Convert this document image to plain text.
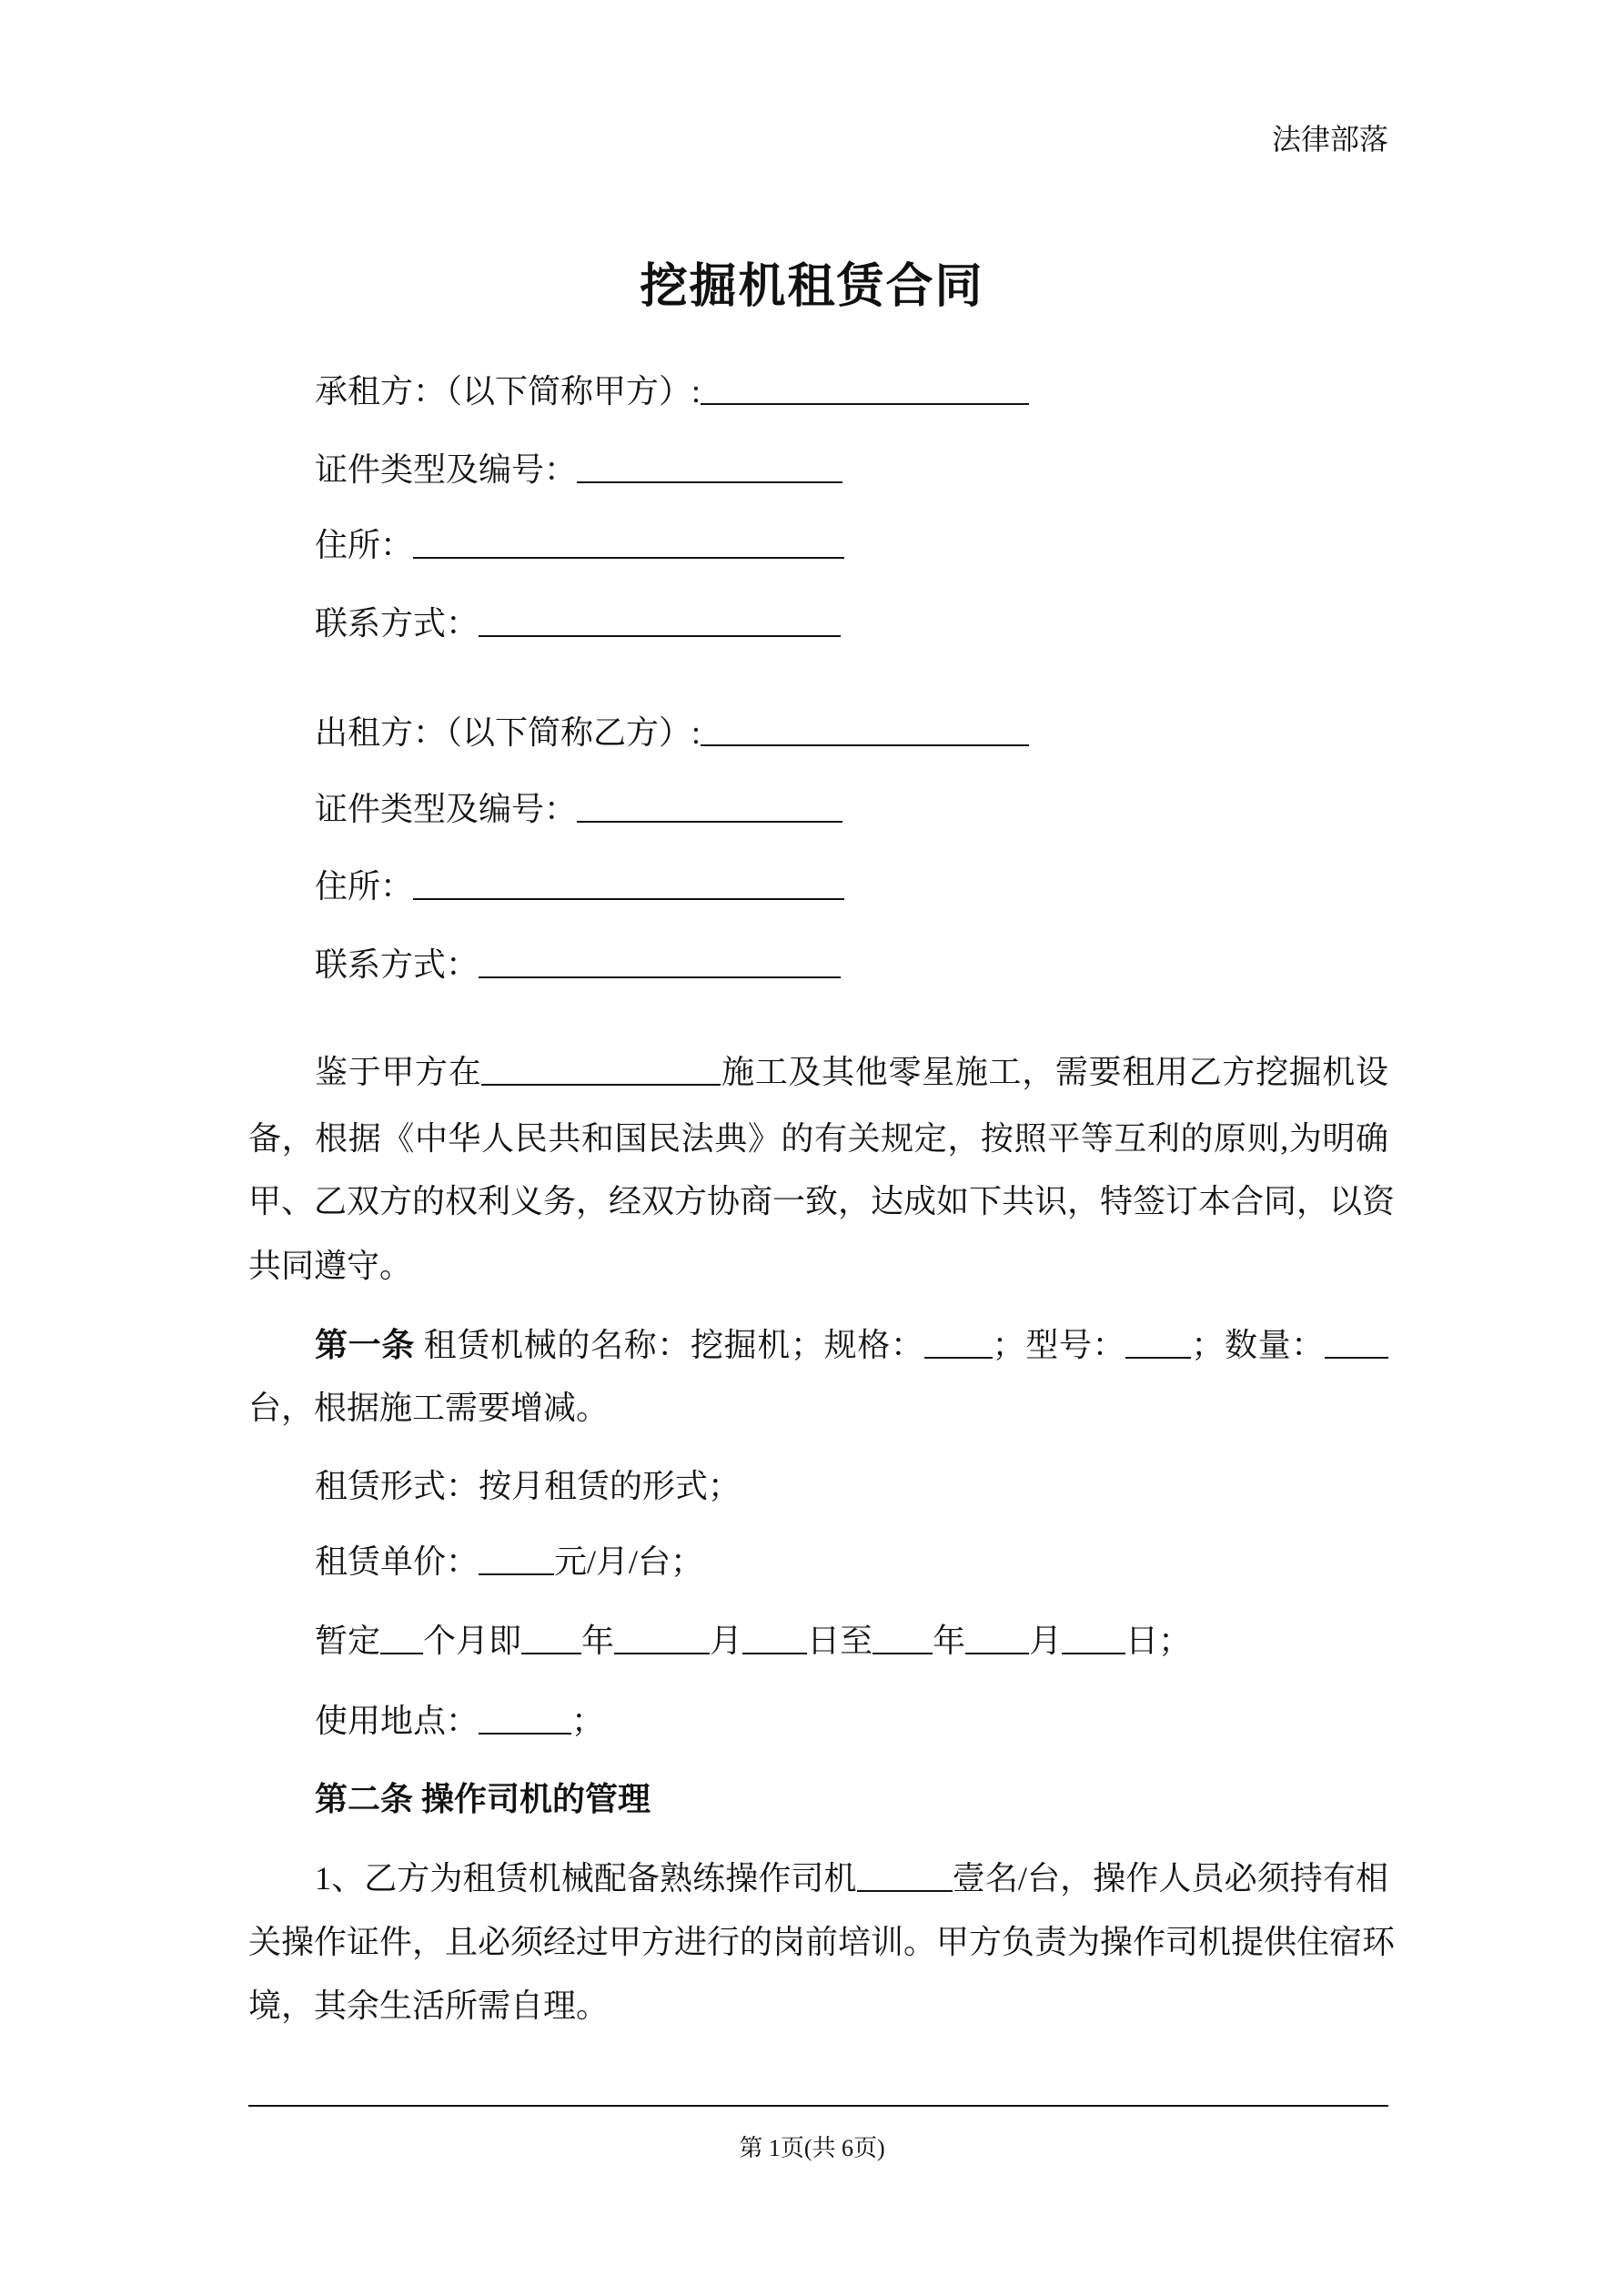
法律部落
挖掘机租赁合同
承租方：（以下简称甲方）:
证件类型及编号：
住所：
联系方式：
出租方：（以下简称乙方）:
证件类型及编号：
住所：
联系方式：
鉴于甲方在	施工及其他零星施工，需要租用乙方挖掘机设
备，根据《中华人民共和国民法典》的有关规定，按照平等互利的原则,为明确
甲、乙双方的权利义务，经双方协商一致，达成如下共识，特签订本合同，以资
共同遵守。
第一条 租赁机械的名称：挖掘机；规格： ；型号： ；数量：
台，根据施工需要增减。
租赁形式：按月租赁的形式；
租赁单价： 元/月/台；
暂定 个月即 年	月 日至 年 月 日；
使用地点：	；
第二条 操作司机的管理
1、乙方为租赁机械配备熟练操作司机	壹名/台，操作人员必须持有相
关操作证件，且必须经过甲方进行的岗前培训。甲方负责为操作司机提供住宿环
境，其余生活所需自理。
第 1页(共 6页)
